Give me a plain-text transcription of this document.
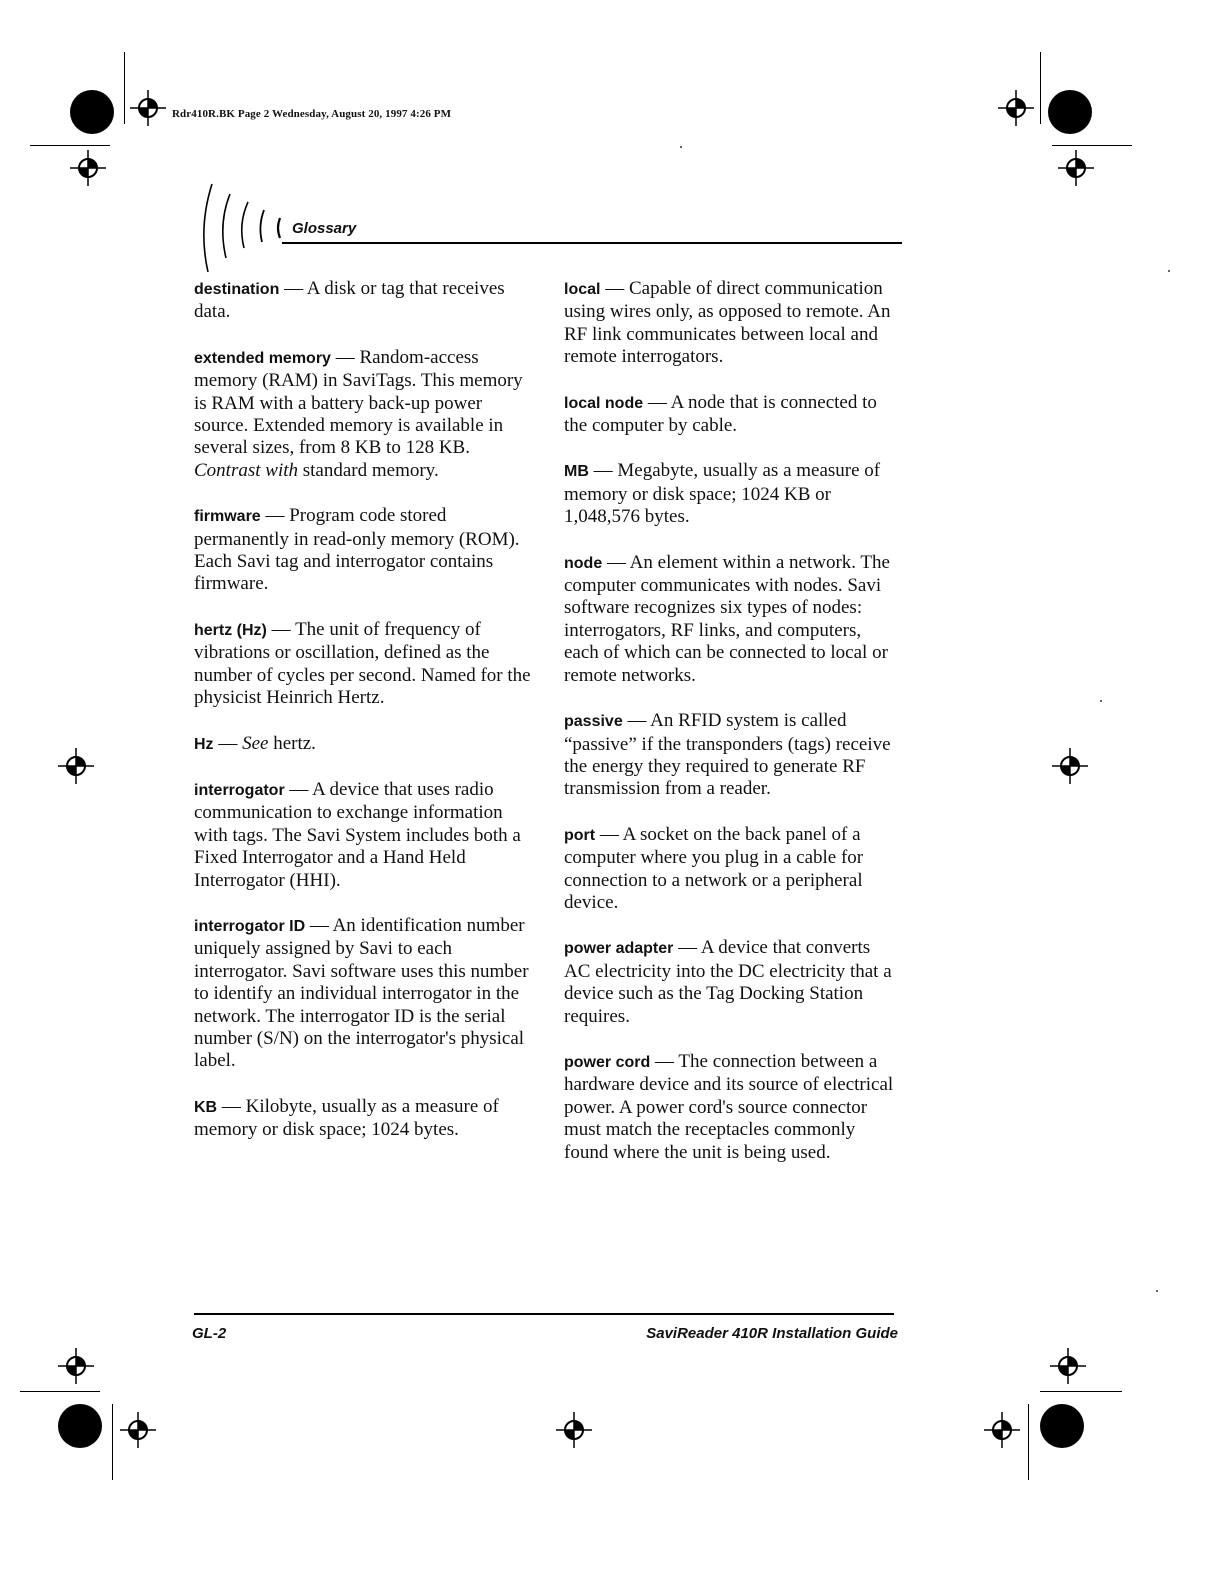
Rdr410R.BK Page 2 Wednesday, August 20, 1997 4:26 PM
Glossary
destination — A disk or tag that receives data.
extended memory — Random-access memory (RAM) in SaviTags. This memory is RAM with a battery back-up power source. Extended memory is available in several sizes, from 8 KB to 128 KB. Contrast with standard memory.
firmware — Program code stored permanently in read-only memory (ROM). Each Savi tag and interrogator contains firmware.
hertz (Hz) — The unit of frequency of vibrations or oscillation, defined as the number of cycles per second. Named for the physicist Heinrich Hertz.
Hz — See hertz.
interrogator — A device that uses radio communication to exchange information with tags. The Savi System includes both a Fixed Interrogator and a Hand Held Interrogator (HHI).
interrogator ID — An identification number uniquely assigned by Savi to each interrogator. Savi software uses this number to identify an individual interrogator in the network. The interrogator ID is the serial number (S/N) on the interrogator's physical label.
KB — Kilobyte, usually as a measure of memory or disk space; 1024 bytes.
local — Capable of direct communication using wires only, as opposed to remote. An RF link communicates between local and remote interrogators.
local node — A node that is connected to the computer by cable.
MB — Megabyte, usually as a measure of memory or disk space; 1024 KB or 1,048,576 bytes.
node — An element within a network. The computer communicates with nodes. Savi software recognizes six types of nodes: interrogators, RF links, and computers, each of which can be connected to local or remote networks.
passive — An RFID system is called “passive” if the transponders (tags) receive the energy they required to generate RF transmission from a reader.
port — A socket on the back panel of a computer where you plug in a cable for connection to a network or a peripheral device.
power adapter — A device that converts AC electricity into the DC electricity that a device such as the Tag Docking Station requires.
power cord — The connection between a hardware device and its source of electrical power. A power cord's source connector must match the receptacles commonly found where the unit is being used.
GL-2	SaviReader 410R Installation Guide
